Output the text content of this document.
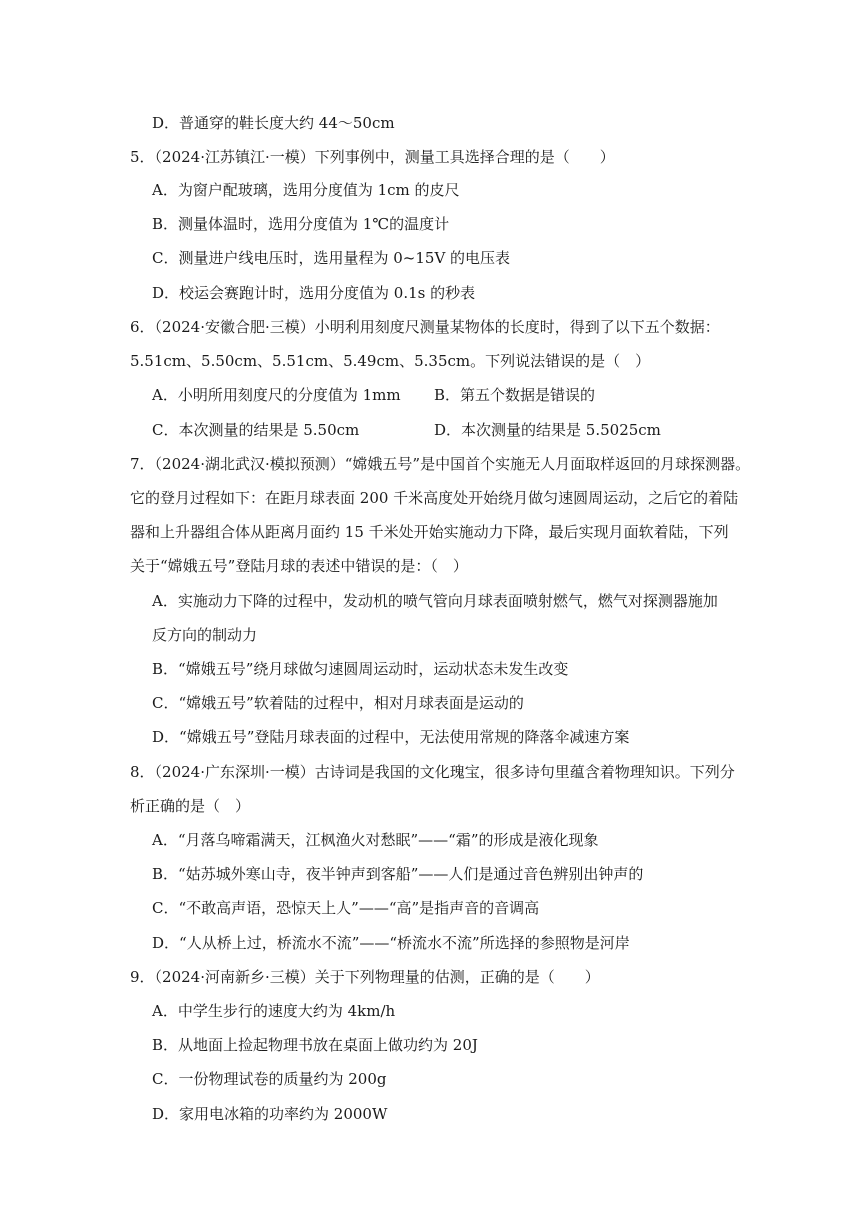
D．普通穿的鞋长度大约 44～50cm
5．（2024·江苏镇江·一模）下列事例中，测量工具选择合理的是（　　）
A．为窗户配玻璃，选用分度值为 1cm 的皮尺
B．测量体温时，选用分度值为 1℃的温度计
C．测量进户线电压时，选用量程为 0~15V 的电压表
D．校运会赛跑计时，选用分度值为 0.1s 的秒表
6．（2024·安徽合肥·三模）小明利用刻度尺测量某物体的长度时，得到了以下五个数据：
5.51cm、5.50cm、5.51cm、5.49cm、5.35cm。下列说法错误的是（　）
A．小明所用刻度尺的分度值为 1mm B．第五个数据是错误的
C．本次测量的结果是 5.50cm	D．本次测量的结果是 5.5025cm
7．（2024·湖北武汉·模拟预测）“嫦娥五号”是中国首个实施无人月面取样返回的月球探测器。
它的登月过程如下：在距月球表面 200 千米高度处开始绕月做匀速圆周运动，之后它的着陆
器和上升器组合体从距离月面约 15 千米处开始实施动力下降，最后实现月面软着陆，下列
关于“嫦娥五号”登陆月球的表述中错误的是：（　）
A．实施动力下降的过程中，发动机的喷气管向月球表面喷射燃气，燃气对探测器施加
反方向的制动力
B．“嫦娥五号”绕月球做匀速圆周运动时，运动状态未发生改变
C．“嫦娥五号”软着陆的过程中，相对月球表面是运动的
D．“嫦娥五号”登陆月球表面的过程中，无法使用常规的降落伞减速方案
8．（2024·广东深圳·一模）古诗词是我国的文化瑰宝，很多诗句里蕴含着物理知识。下列分
析正确的是（　）
A．“月落乌啼霜满天，江枫渔火对愁眠”——“霜”的形成是液化现象
B．“姑苏城外寒山寺，夜半钟声到客船”——人们是通过音色辨别出钟声的
C．“不敢高声语，恐惊天上人”——“高”是指声音的音调高
D．“人从桥上过，桥流水不流”——“桥流水不流”所选择的参照物是河岸
9．（2024·河南新乡·三模）关于下列物理量的估测，正确的是（　　）
A．中学生步行的速度大约为 4km/h
B．从地面上捡起物理书放在桌面上做功约为 20J
C．一份物理试卷的质量约为 200g
D．家用电冰箱的功率约为 2000W
